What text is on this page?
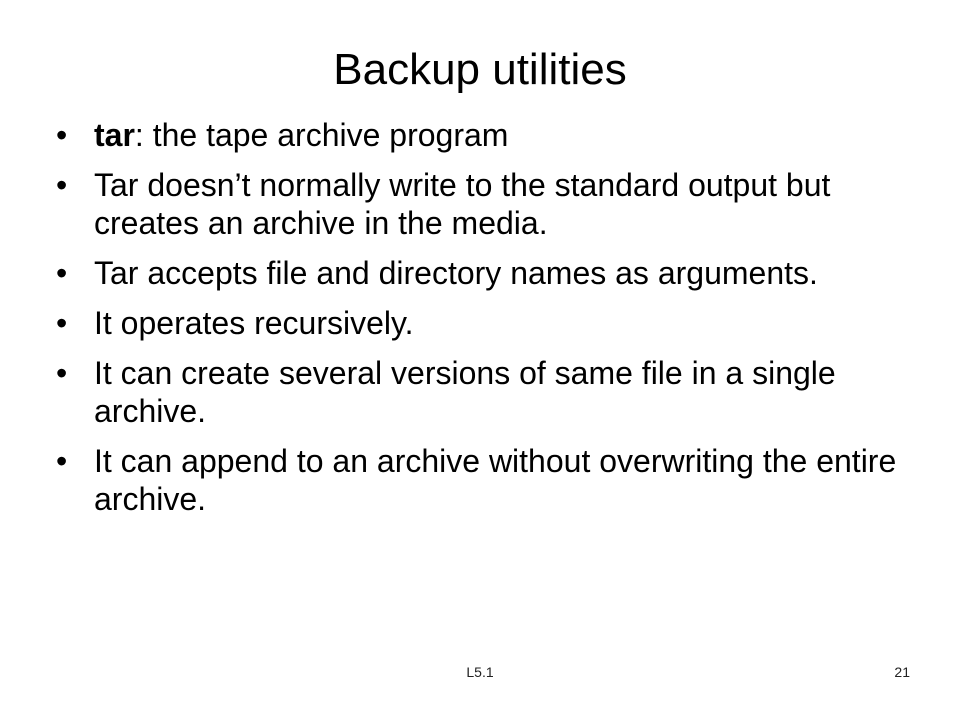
Backup utilities
• tar: the tape archive program
• Tar doesn’t normally write to the standard output but creates an archive in the media.
• Tar accepts file and directory names as arguments.
• It operates recursively.
• It can create several versions of same file in a single archive.
• It can append to an archive without overwriting the entire archive.
L5.1	21
